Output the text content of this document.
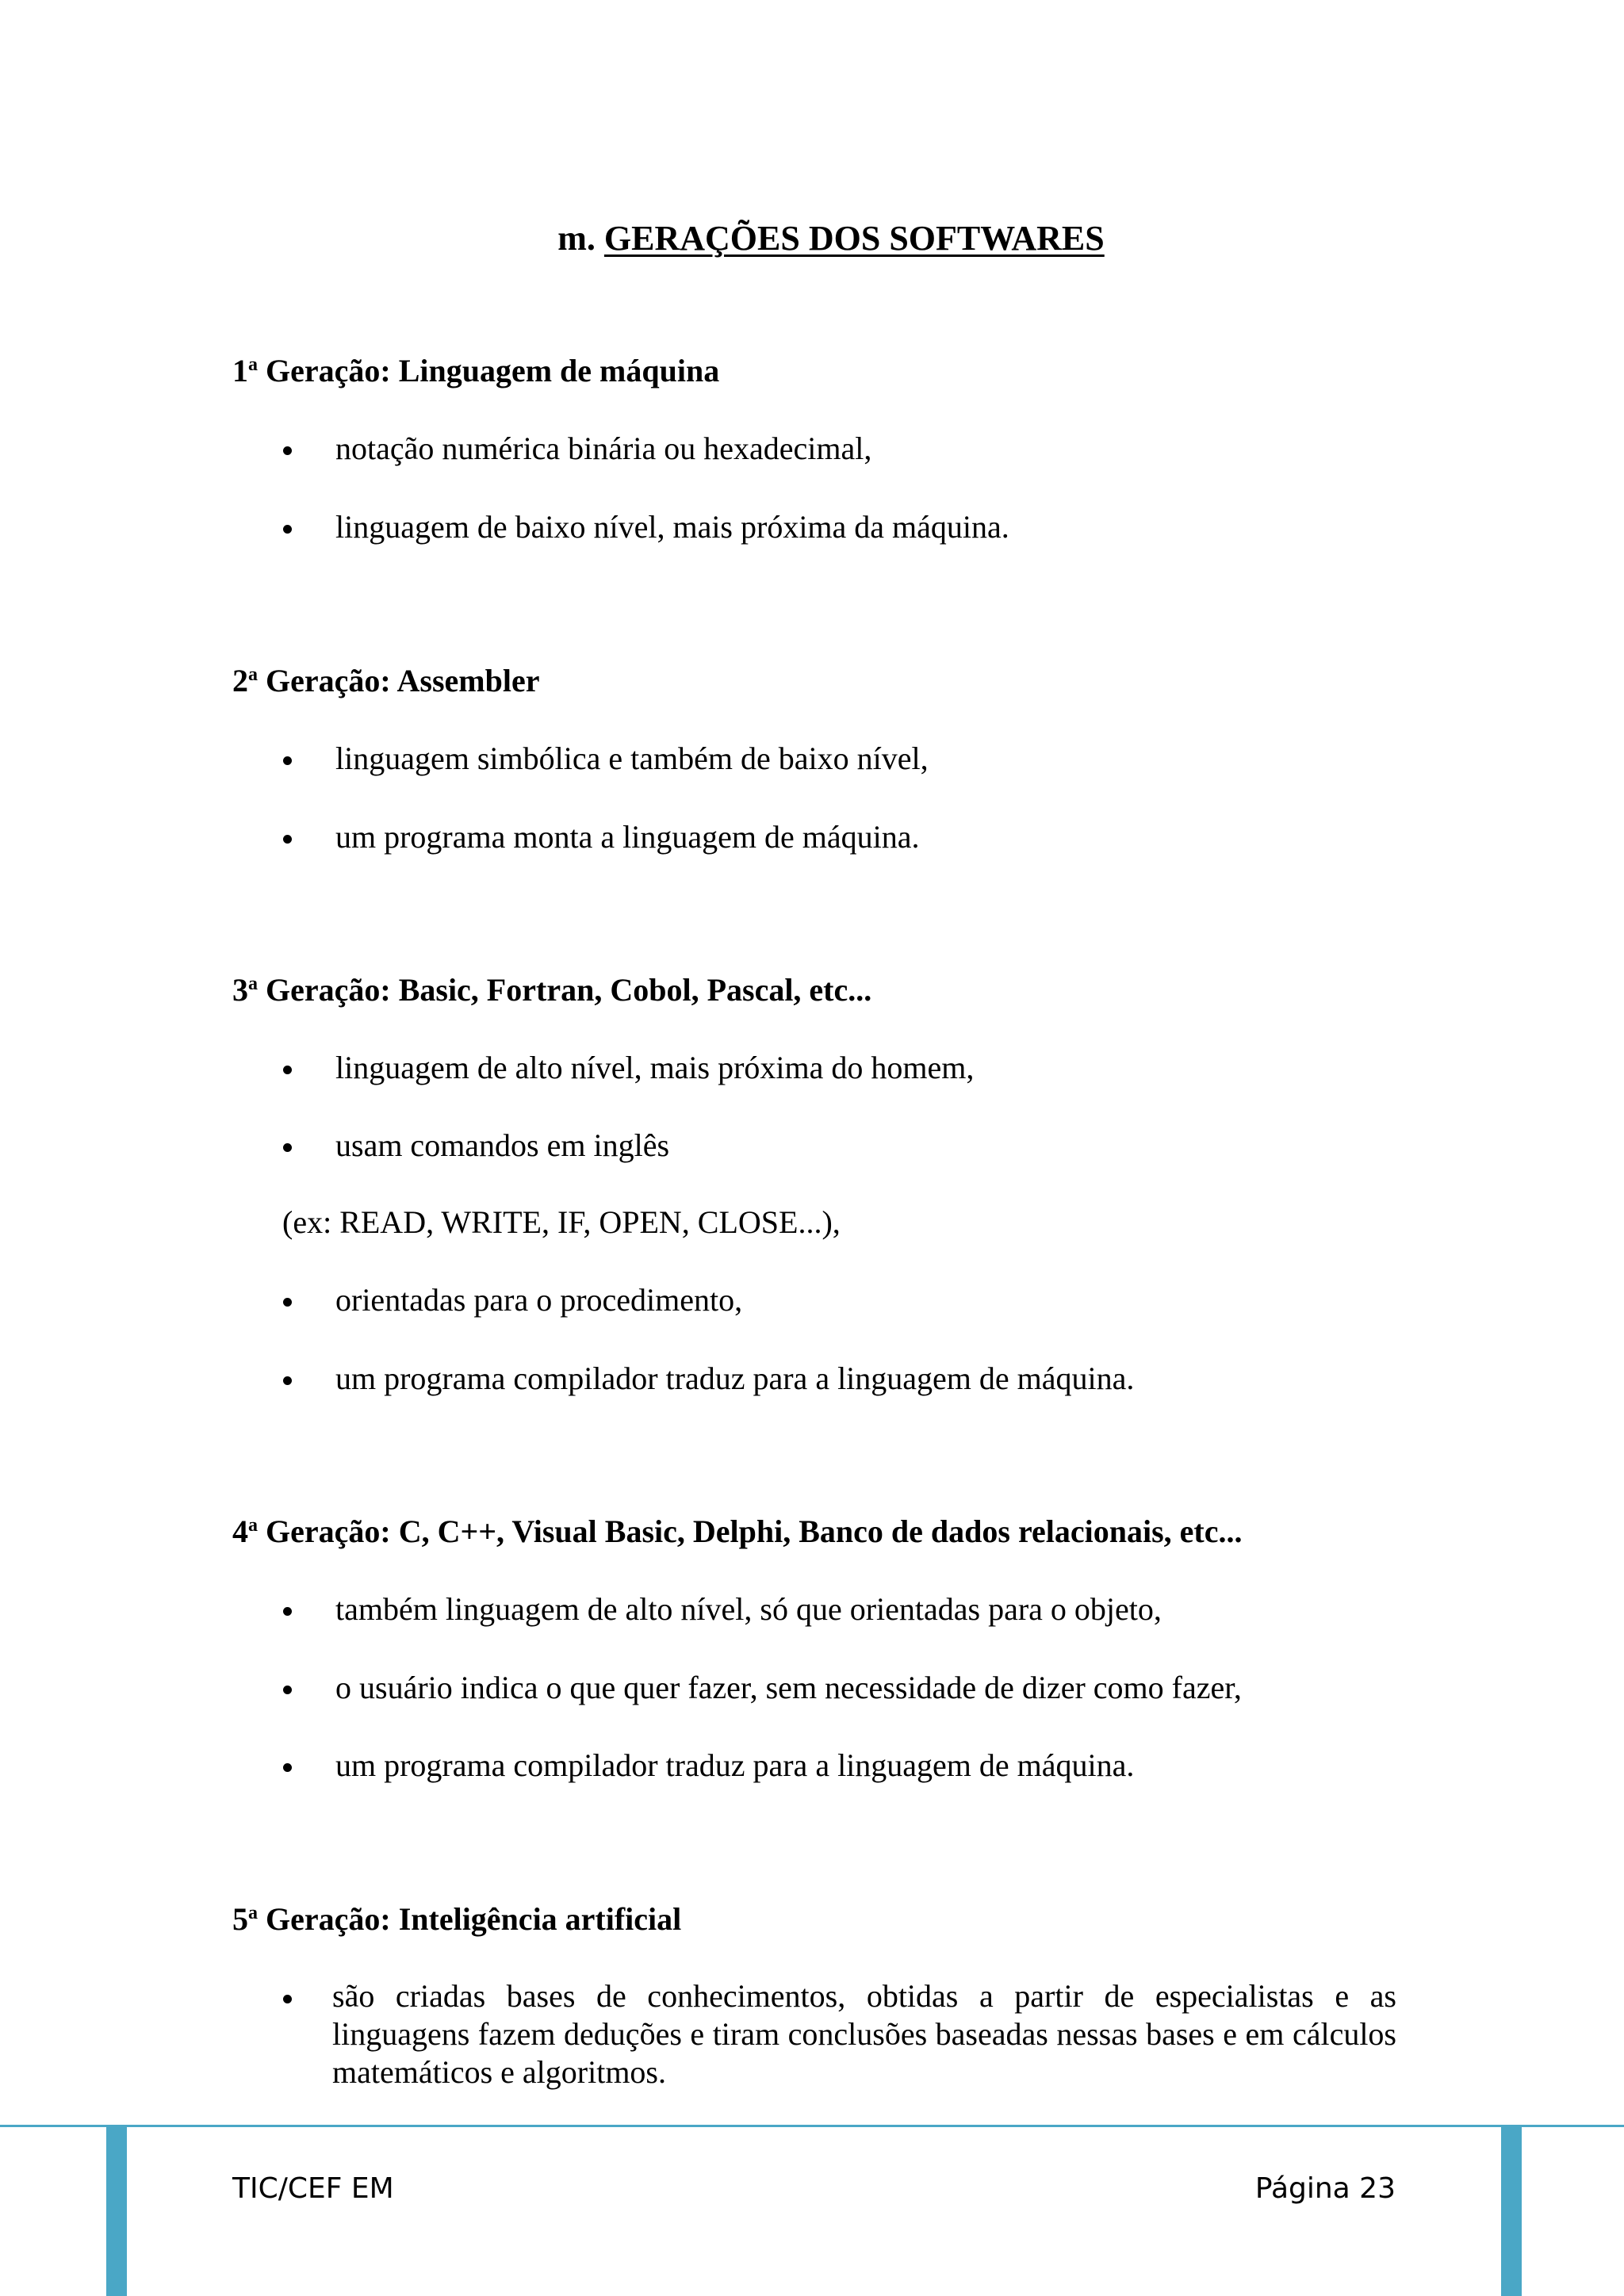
m. GERAÇÕES DOS SOFTWARES
1$^a$ Geração: Linguagem de máquina
notação numérica binária ou hexadecimal,
linguagem de baixo nível, mais próxima da máquina.
2$^a$ Geração: Assembler
linguagem simbólica e também de baixo nível,
um programa monta a linguagem de máquina.
3$^a$ Geração: Basic, Fortran, Cobol, Pascal, etc...
linguagem de alto nível, mais próxima do homem,
usam comandos em inglês
(ex: READ, WRITE, IF, OPEN, CLOSE...),
orientadas para o procedimento,
um programa compilador traduz para a linguagem de máquina.
4$^a$ Geração: C, C++, Visual Basic, Delphi, Banco de dados relacionais, etc...
também linguagem de alto nível, só que orientadas para o objeto,
o usuário indica o que quer fazer, sem necessidade de dizer como fazer,
um programa compilador traduz para a linguagem de máquina.
5$^a$ Geração: Inteligência artificial
são criadas bases de conhecimentos, obtidas a partir de especialistas e as linguagens fazem deduções e tiram conclusões baseadas nessas bases e em cálculos matemáticos e algoritmos.
TIC/CEF EM	Página 23
